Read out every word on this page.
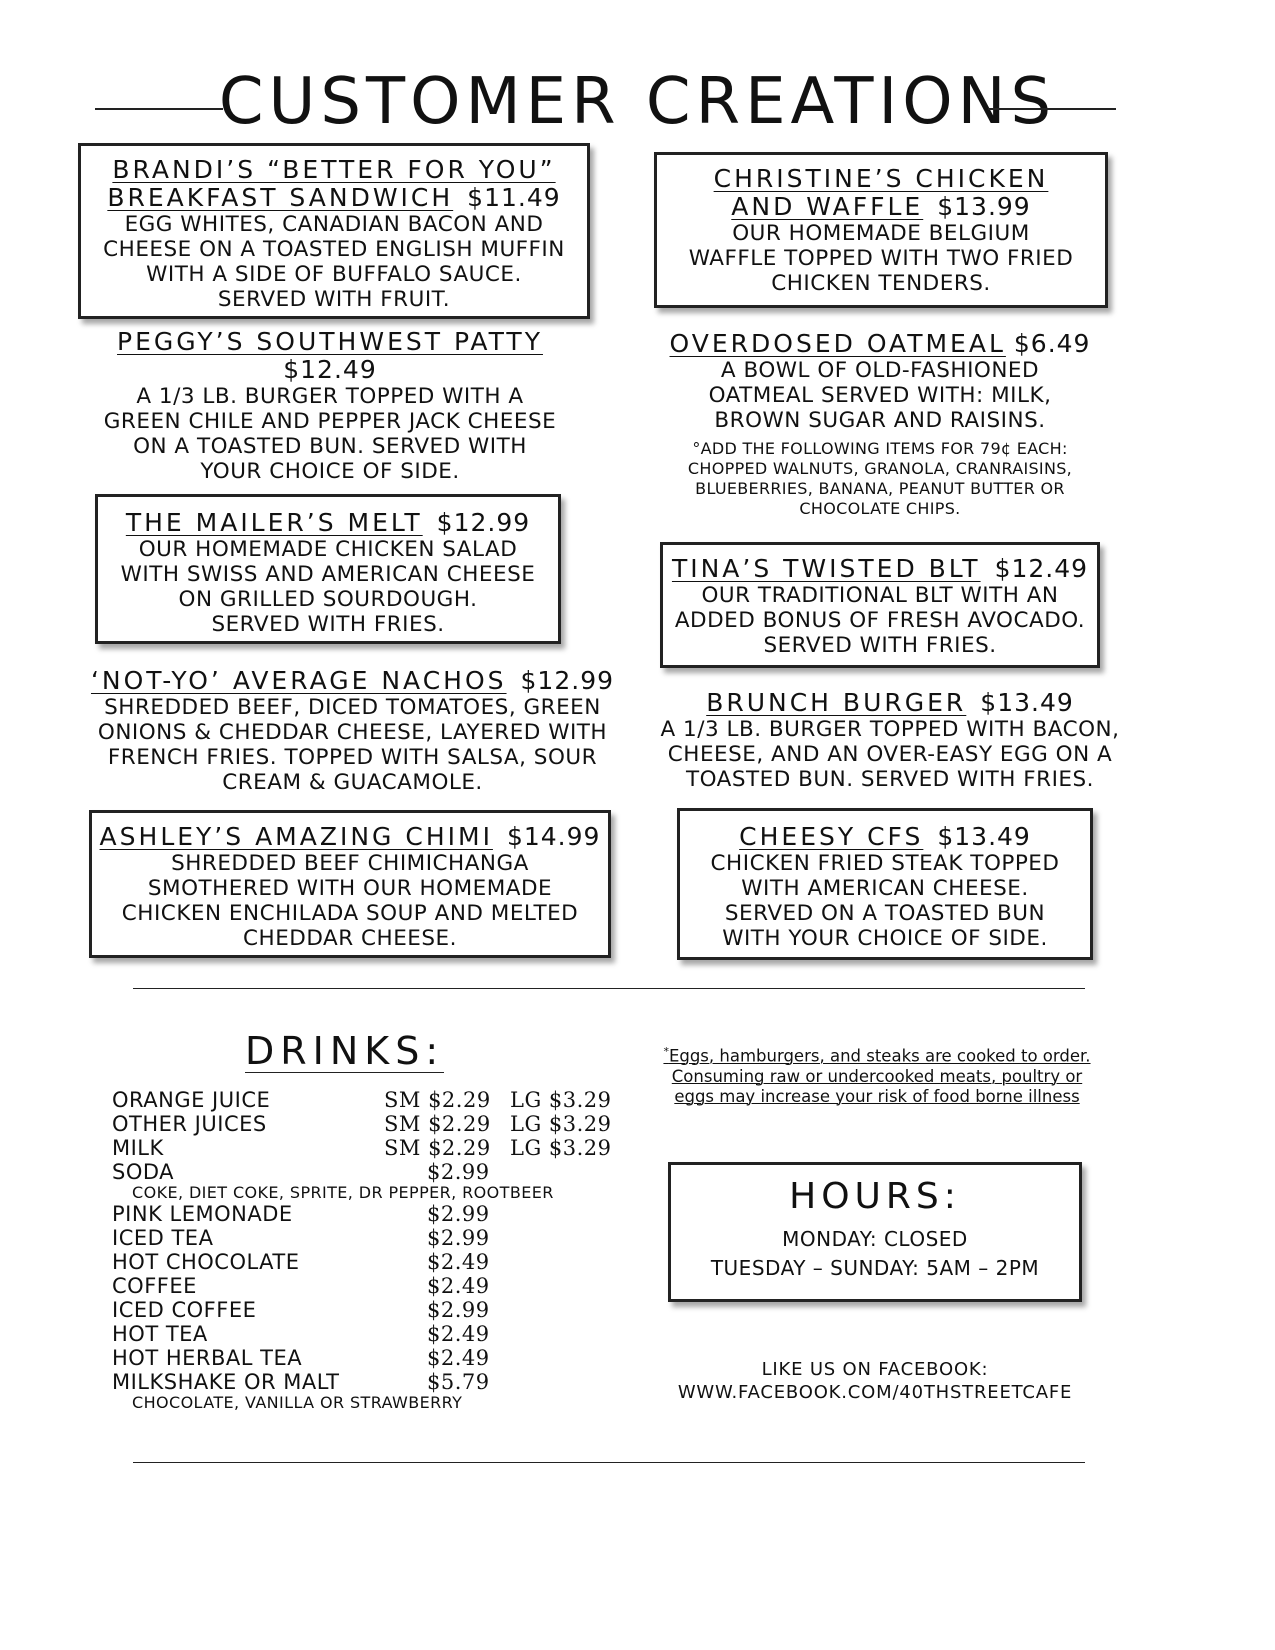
CUSTOMER CREATIONS
BRANDI’S “BETTER FOR YOU”
BREAKFAST SANDWICH $11.49
EGG WHITES, CANADIAN BACON AND
CHEESE ON A TOASTED ENGLISH MUFFIN
WITH A SIDE OF BUFFALO SAUCE.
SERVED WITH FRUIT.
PEGGY’S SOUTHWEST PATTY
$12.49
A 1/3 LB. BURGER TOPPED WITH A
GREEN CHILE AND PEPPER JACK CHEESE
ON A TOASTED BUN. SERVED WITH
YOUR CHOICE OF SIDE.
THE MAILER’S MELT $12.99
OUR HOMEMADE CHICKEN SALAD
WITH SWISS AND AMERICAN CHEESE
ON GRILLED SOURDOUGH.
SERVED WITH FRIES.
‘NOT-YO’ AVERAGE NACHOS $12.99
SHREDDED BEEF, DICED TOMATOES, GREEN
ONIONS & CHEDDAR CHEESE, LAYERED WITH
FRENCH FRIES. TOPPED WITH SALSA, SOUR
CREAM & GUACAMOLE.
ASHLEY’S AMAZING CHIMI $14.99
SHREDDED BEEF CHIMICHANGA
SMOTHERED WITH OUR HOMEMADE
CHICKEN ENCHILADA SOUP AND MELTED
CHEDDAR CHEESE.
CHRISTINE’S CHICKEN
AND WAFFLE $13.99
OUR HOMEMADE BELGIUM
WAFFLE TOPPED WITH TWO FRIED
CHICKEN TENDERS.
OVERDOSED OATMEAL $6.49
A BOWL OF OLD-FASHIONED
OATMEAL SERVED WITH: MILK,
BROWN SUGAR AND RAISINS.
°ADD THE FOLLOWING ITEMS FOR 79¢ EACH:
CHOPPED WALNUTS, GRANOLA, CRANRAISINS,
BLUEBERRIES, BANANA, PEANUT BUTTER OR
CHOCOLATE CHIPS.
TINA’S TWISTED BLT $12.49
OUR TRADITIONAL BLT WITH AN
ADDED BONUS OF FRESH AVOCADO.
SERVED WITH FRIES.
BRUNCH BURGER $13.49
A 1/3 LB. BURGER TOPPED WITH BACON,
CHEESE, AND AN OVER-EASY EGG ON A
TOASTED BUN. SERVED WITH FRIES.
CHEESY CFS $13.49
CHICKEN FRIED STEAK TOPPED
WITH AMERICAN CHEESE.
SERVED ON A TOASTED BUN
WITH YOUR CHOICE OF SIDE.
DRINKS:
ORANGE JUICE	SM $2.29 LG $3.29
OTHER JUICES	SM $2.29 LG $3.29
MILK	SM $2.29 LG $3.29
SODA	$2.99
COKE, DIET COKE, SPRITE, DR PEPPER, ROOTBEER
PINK LEMONADE	$2.99
ICED TEA	$2.99
HOT CHOCOLATE	$2.49
COFFEE	$2.49
ICED COFFEE	$2.99
HOT TEA	$2.49
HOT HERBAL TEA	$2.49
MILKSHAKE OR MALT	$5.79
CHOCOLATE, VANILLA OR STRAWBERRY
*Eggs, hamburgers, and steaks are cooked to order.
Consuming raw or undercooked meats, poultry or
eggs may increase your risk of food borne illness
HOURS:
MONDAY: CLOSED
TUESDAY – SUNDAY: 5AM – 2PM
LIKE US ON FACEBOOK:
WWW.FACEBOOK.COM/40THSTREETCAFE
